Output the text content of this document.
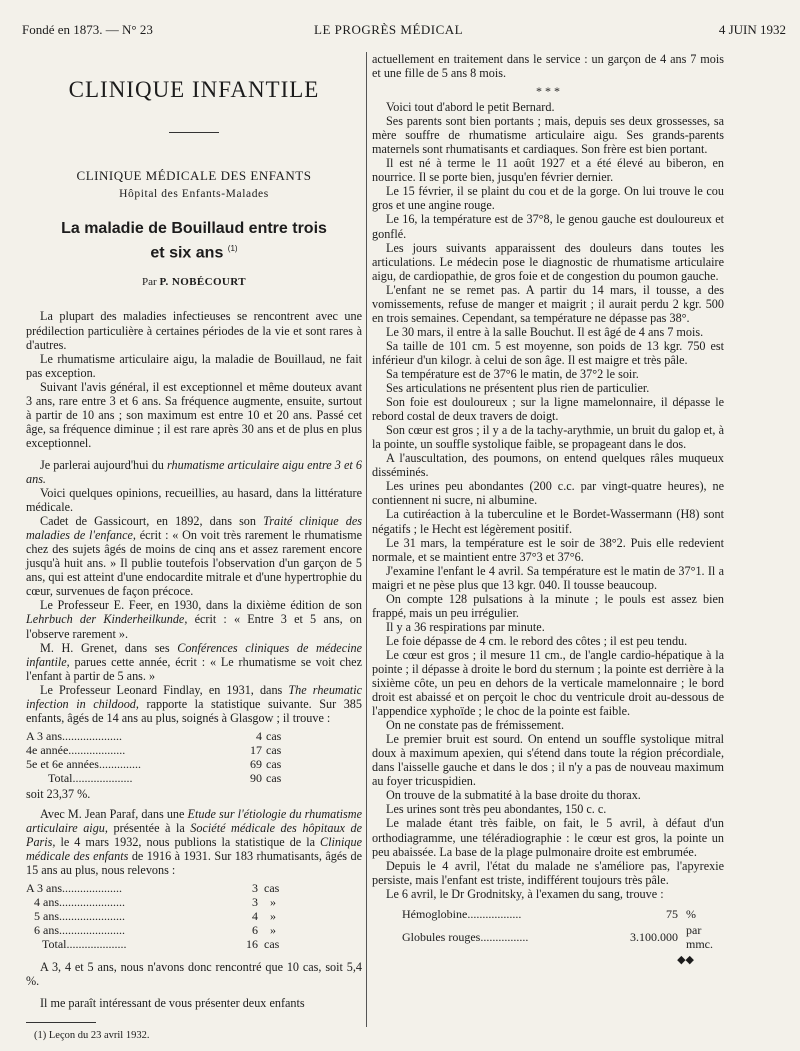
Fondé en 1873. — N° 23	LE PROGRÈS MÉDICAL	4 JUIN 1932

CLINIQUE INFANTILE

CLINIQUE MÉDICALE DES ENFANTS

Hôpital des Enfants-Malades

La maladie de Bouillaud entre trois
et six ans $^{(1)}$

Par P. NOBÉCOURT

La plupart des maladies infectieuses se rencontrent avec une prédilection particulière à certaines périodes de la vie et sont rares à d'autres.

Le rhumatisme articulaire aigu, la maladie de Bouillaud, ne fait pas exception.

Suivant l'avis général, il est exceptionnel et même douteux avant 3 ans, rare entre 3 et 6 ans. Sa fréquence augmente, ensuite, surtout à partir de 10 ans ; son maximum est entre 10 et 20 ans. Passé cet âge, sa fréquence diminue ; il est rare après 30 ans et de plus en plus exceptionnel.

Je parlerai aujourd'hui du rhumatisme articulaire aigu entre 3 et 6 ans.

Voici quelques opinions, recueillies, au hasard, dans la littérature médicale.

Cadet de Gassicourt, en 1892, dans son Traité clinique des maladies de l'enfance, écrit : « On voit très rarement le rhumatisme chez des sujets âgés de moins de cinq ans et assez rarement encore jusqu'à huit ans. » Il publie toutefois l'observation d'un garçon de 5 ans, qui est atteint d'une endocardite mitrale et d'une hypertrophie du cœur, survenues de façon précoce.

Le Professeur E. Feer, en 1930, dans la dixième édition de son Lehrbuch der Kinderheilkunde, écrit : « Entre 3 et 5 ans, on l'observe rarement ».

M. H. Grenet, dans ses Conférences cliniques de médecine infantile, parues cette année, écrit : « Le rhumatisme se voit chez l'enfant à partir de 5 ans. »

Le Professeur Leonard Findlay, en 1931, dans The rheumatic infection in childood, rapporte la statistique suivante. Sur 385 enfants, âgés de 14 ans au plus, soignés à Glasgow ; il trouve :

A 3 ans....................	4	cas
4e année...................	17	cas
5e et 6e années..............	69	cas
Total....................	90	cas

soit 23,37 %.

Avec M. Jean Paraf, dans une Etude sur l'étiologie du rhumatisme articulaire aigu, présentée à la Société médicale des hôpitaux de Paris, le 4 mars 1932, nous publions la statistique de la Clinique médicale des enfants de 1916 à 1931. Sur 183 rhumatisants, âgés de 15 ans au plus, nous relevons :

A 3 ans....................	3	cas
4 ans......................	3	»
5 ans......................	4	»
6 ans......................	6	»
Total....................	16	cas

A 3, 4 et 5 ans, nous n'avons donc rencontré que 10 cas, soit 5,4 %.

Il me paraît intéressant de vous présenter deux enfants

(1) Leçon du 23 avril 1932.

actuellement en traitement dans le service : un garçon de 4 ans 7 mois et une fille de 5 ans 8 mois.

* * *

Voici tout d'abord le petit Bernard.

Ses parents sont bien portants ; mais, depuis ses deux grossesses, sa mère souffre de rhumatisme articulaire aigu. Ses grands-parents maternels sont rhumatisants et cardiaques. Son frère est bien portant.

Il est né à terme le 11 août 1927 et a été élevé au biberon, en nourrice. Il se porte bien, jusqu'en février dernier.

Le 15 février, il se plaint du cou et de la gorge. On lui trouve le cou gros et une angine rouge.

Le 16, la température est de 37°8, le genou gauche est douloureux et gonflé.

Les jours suivants apparaissent des douleurs dans toutes les articulations. Le médecin pose le diagnostic de rhumatisme articulaire aigu, de cardiopathie, de gros foie et de congestion du poumon gauche.

L'enfant ne se remet pas. A partir du 14 mars, il tousse, a des vomissements, refuse de manger et maigrit ; il aurait perdu 2 kgr. 500 en trois semaines. Cependant, sa température ne dépasse pas 38°.

Le 30 mars, il entre à la salle Bouchut. Il est âgé de 4 ans 7 mois.

Sa taille de 101 cm. 5 est moyenne, son poids de 13 kgr. 750 est inférieur d'un kilogr. à celui de son âge. Il est maigre et très pâle.

Sa température est de 37°6 le matin, de 37°2 le soir.

Ses articulations ne présentent plus rien de particulier.

Son foie est douloureux ; sur la ligne mamelonnaire, il dépasse le rebord costal de deux travers de doigt.

Son cœur est gros ; il y a de la tachy-arythmie, un bruit du galop et, à la pointe, un souffle systolique faible, se propageant dans le dos.

A l'auscultation, des poumons, on entend quelques râles muqueux disséminés.

Les urines peu abondantes (200 c.c. par vingt-quatre heures), ne contiennent ni sucre, ni albumine.

La cutiréaction à la tuberculine et le Bordet-Wassermann (H8) sont négatifs ; le Hecht est légèrement positif.

Le 31 mars, la température est le soir de 38°2. Puis elle redevient normale, et se maintient entre 37°3 et 37°6.

J'examine l'enfant le 4 avril. Sa température est le matin de 37°1. Il a maigri et ne pèse plus que 13 kgr. 040. Il tousse beaucoup.

On compte 128 pulsations à la minute ; le pouls est assez bien frappé, mais un peu irrégulier.

Il y a 36 respirations par minute.

Le foie dépasse de 4 cm. le rebord des côtes ; il est peu tendu.

Le cœur est gros ; il mesure 11 cm., de l'angle cardio-hépatique à la pointe ; il dépasse à droite le bord du sternum ; la pointe est derrière à la sixième côte, un peu en dehors de la verticale mamelonnaire ; le bord droit est abaissé et on perçoit le choc du ventricule droit au-dessous de l'appendice xyphoïde ; le choc de la pointe est faible.

On ne constate pas de frémissement.

Le premier bruit est sourd. On entend un souffle systolique mitral doux à maximum apexien, qui s'étend dans toute la région précordiale, dans l'aisselle gauche et dans le dos ; il n'y a pas de nouveau maximum au foyer tricuspidien.

On trouve de la submatité à la base droite du thorax.

Les urines sont très peu abondantes, 150 c. c.

Le malade étant très faible, on fait, le 5 avril, à défaut d'un orthodiagramme, une téléradiographie : le cœur est gros, la pointe un peu abaissée. La base de la plage pulmonaire droite est embrumée.

Depuis le 4 avril, l'état du malade ne s'améliore pas, l'apyrexie persiste, mais l'enfant est triste, indifférent toujours très pâle.

Le 6 avril, le Dr Grodnitsky, à l'examen du sang, trouve :

Hémoglobine..................	75	%
Globules rouges................	3.100.000	par mmc.

◆◆
